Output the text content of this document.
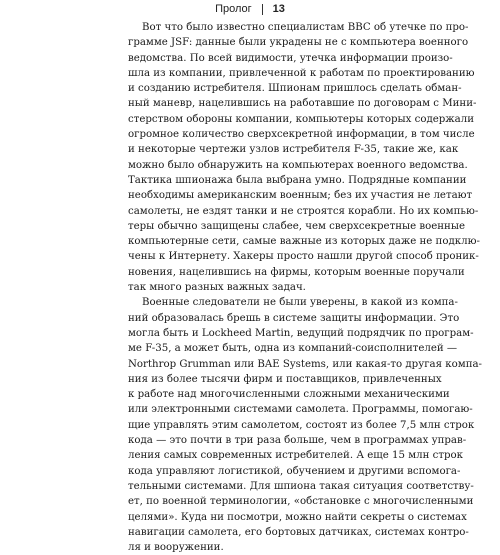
Пролог 13
Вот что было известно специалистам BBC об утечке по про-
грамме JSF: данные были украдены не с компьютера военного
ведомства. По всей видимости, утечка информации произо-
шла из компании, привлеченной к работам по проектированию
и созданию истребителя. Шпионам пришлось сделать обман-
ный маневр, нацелившись на работавшие по договорам с Мини-
стерством обороны компании, компьютеры которых содержали
огромное количество сверхсекретной информации, в том числе
и некоторые чертежи узлов истребителя F-35, такие же, как
можно было обнаружить на компьютерах военного ведомства.
Тактика шпионажа была выбрана умно. Подрядные компании
необходимы американским военным; без их участия не летают
самолеты, не ездят танки и не строятся корабли. Но их компью-
теры обычно защищены слабее, чем сверхсекретные военные
компьютерные сети, самые важные из которых даже не подклю-
чены к Интернету. Хакеры просто нашли другой способ проник-
новения, нацелившись на фирмы, которым военные поручали
так много разных важных задач.
Военные следователи не были уверены, в какой из компа-
ний образовалась брешь в системе защиты информации. Это
могла быть и Lockheed Martin, ведущий подрядчик по програм-
ме F-35, а может быть, одна из компаний-соисполнителей —
Northrop Grumman или BAE Systems, или какая-то другая компа-
ния из более тысячи фирм и поставщиков, привлеченных
к работе над многочисленными сложными механическими
или электронными системами самолета. Программы, помогаю-
щие управлять этим самолетом, состоят из более 7,5 млн строк
кода — это почти в три раза больше, чем в программах управ-
ления самых современных истребителей. А еще 15 млн строк
кода управляют логистикой, обучением и другими вспомога-
тельными системами. Для шпиона такая ситуация соответству-
ет, по военной терминологии, «обстановке с многочисленными
целями». Куда ни посмотри, можно найти секреты о системах
навигации самолета, его бортовых датчиках, системах контро-
ля и вооружении.
